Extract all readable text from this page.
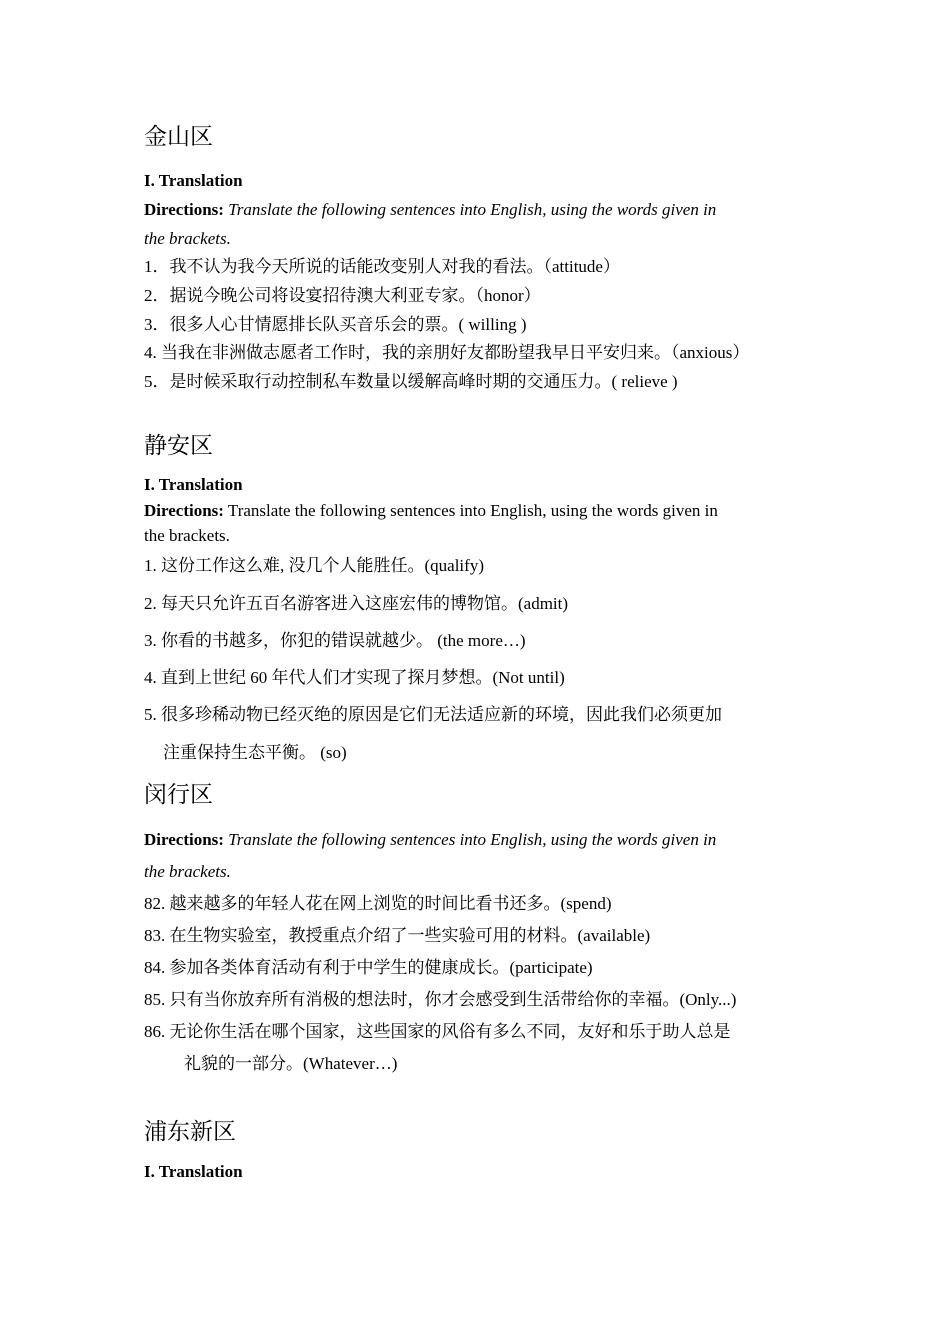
金山区
I. Translation
Directions: Translate the following sentences into English, using the words given in
the brackets.
1．我不认为我今天所说的话能改变别人对我的看法。（attitude）
2．据说今晚公司将设宴招待澳大利亚专家。（honor）
3．很多人心甘情愿排长队买音乐会的票。( willing )
4. 当我在非洲做志愿者工作时，我的亲朋好友都盼望我早日平安归来。（anxious）
5．是时候采取行动控制私车数量以缓解高峰时期的交通压力。( relieve )
静安区
I. Translation
Directions: Translate the following sentences into English, using the words given in
the brackets.
1. 这份工作这么难, 没几个人能胜任。(qualify)
2. 每天只允许五百名游客进入这座宏伟的博物馆。(admit)
3. 你看的书越多，你犯的错误就越少。 (the more…)
4. 直到上世纪 60 年代人们才实现了探月梦想。(Not until)
5. 很多珍稀动物已经灭绝的原因是它们无法适应新的环境，因此我们必须更加
注重保持生态平衡。 (so)
闵行区
Directions: Translate the following sentences into English, using the words given in
the brackets.
82. 越来越多的年轻人花在网上浏览的时间比看书还多。(spend)
83. 在生物实验室，教授重点介绍了一些实验可用的材料。(available)
84. 参加各类体育活动有利于中学生的健康成长。(participate)
85. 只有当你放弃所有消极的想法时，你才会感受到生活带给你的幸福。(Only...)
86. 无论你生活在哪个国家，这些国家的风俗有多么不同，友好和乐于助人总是
礼貌的一部分。(Whatever…)
浦东新区
I. Translation
